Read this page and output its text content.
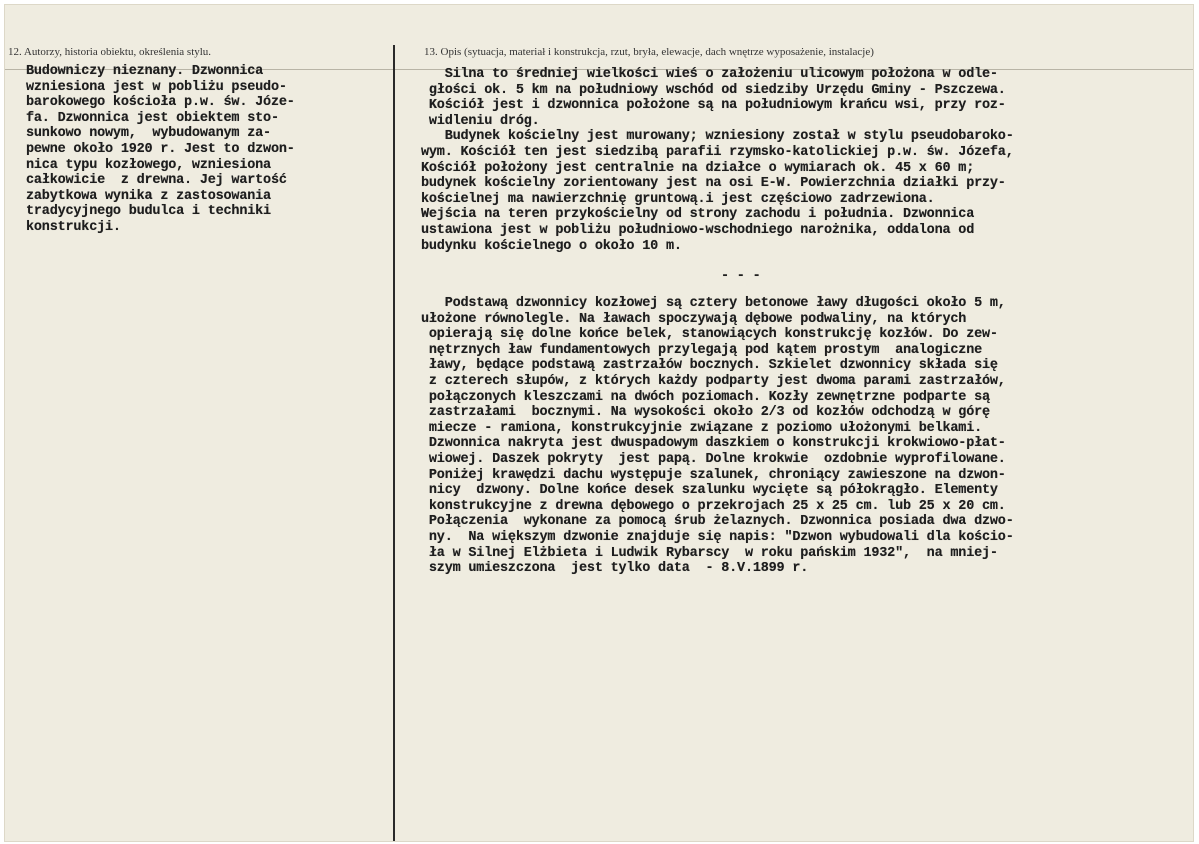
12. Autorzy, historia obiektu, określenia stylu.	13. Opis (sytuacja, materiał i konstrukcja, rzut, bryła, elewacje, dach wnętrze wyposażenie, instalacje)
Budowniczy nieznany. Dzwonnica
wzniesiona jest w pobliżu pseudo-
barokowego kościoła p.w. św. Józe-
fa. Dzwonnica jest obiektem sto-
sunkowo nowym,  wybudowanym za-
pewne około 1920 r. Jest to dzwon-
nica typu kozłowego, wzniesiona
całkowicie  z drewna. Jej wartość
zabytkowa wynika z zastosowania
tradycyjnego budulca i techniki
konstrukcji.
Silna to średniej wielkości wieś o założeniu ulicowym położona w odle-
głości ok. 5 km na południowy wschód od siedziby Urzędu Gminy - Pszczewa.
Kościół jest i dzwonnica położone są na południowym krańcu wsi, przy roz-
widleniu dróg.
Budynek kościelny jest murowany; wzniesiony został w stylu pseudobaroko-
wym. Kościół ten jest siedzibą parafii rzymsko-katolickiej p.w. św. Józefa,
Kościół położony jest centralnie na działce o wymiarach ok. 45 x 60 m;
budynek kościelny zorientowany jest na osi E-W. Powierzchnia działki przy-
kościelnej ma nawierzchnię gruntową.i jest częściowo zadrzewiona.
Wejścia na teren przykościelny od strony zachodu i południa. Dzwonnica
ustawiona jest w pobliżu południowo-wschodniego narożnika, oddalona od
budynku kościelnego o około 10 m.
- - -
Podstawą dzwonnicy kozłowej są cztery betonowe ławy długości około 5 m,
ułożone równolegle. Na ławach spoczywają dębowe podwaliny, na których
opierają się dolne końce belek, stanowiących konstrukcję kozłów. Do zew-
nętrznych ław fundamentowych przylegają pod kątem prostym  analogiczne
ławy, będące podstawą zastrzałów bocznych. Szkielet dzwonnicy składa się
z czterech słupów, z których każdy podparty jest dwoma parami zastrzałów,
połączonych kleszczami na dwóch poziomach. Kozły zewnętrzne podparte są
zastrzałami  bocznymi. Na wysokości około 2/3 od kozłów odchodzą w górę
miecze - ramiona, konstrukcyjnie związane z poziomo ułożonymi belkami.
Dzwonnica nakryta jest dwuspadowym daszkiem o konstrukcji krokwiowo-płat-
wiowej. Daszek pokryty  jest papą. Dolne krokwie  ozdobnie wyprofilowane.
Poniżej krawędzi dachu występuje szalunek, chroniący zawieszone na dzwon-
nicy  dzwony. Dolne końce desek szalunku wycięte są półokrągło. Elementy
konstrukcyjne z drewna dębowego o przekrojach 25 x 25 cm. lub 25 x 20 cm.
Połączenia  wykonane za pomocą śrub żelaznych. Dzwonnica posiada dwa dzwo-
ny.  Na większym dzwonie znajduje się napis: "Dzwon wybudowali dla kościo-
ła w Silnej Elżbieta i Ludwik Rybarscy  w roku pańskim 1932",  na mniej-
szym umieszczona  jest tylko data  - 8.V.1899 r.
